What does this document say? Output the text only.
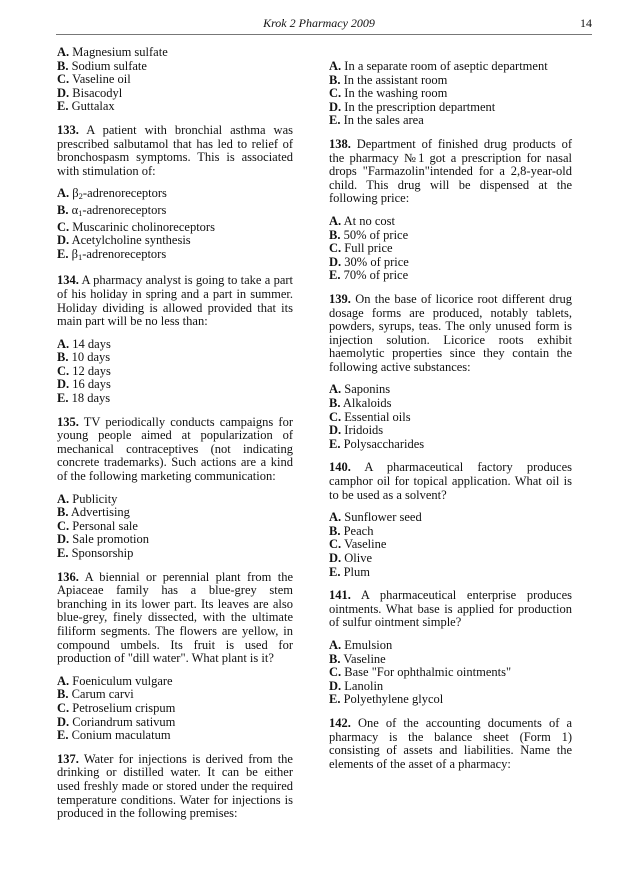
Krok 2 Pharmacy 2009	14
A. Magnesium sulfate
B. Sodium sulfate
C. Vaseline oil
D. Bisacodyl
E. Guttalax
133. A patient with bronchial asthma was prescribed salbutamol that has led to relief of bronchospasm symptoms. This is associated with stimulation of:
A. $\beta_2$-adrenoreceptors
B. $\alpha_1$-adrenoreceptors
C. Muscarinic cholinoreceptors
D. Acetylcholine synthesis
E. $\beta_1$-adrenoreceptors
134. A pharmacy analyst is going to take a part of his holiday in spring and a part in summer. Holiday dividing is allowed provided that its main part will be no less than:
A. 14 days
B. 10 days
C. 12 days
D. 16 days
E. 18 days
135. TV periodically conducts campaigns for young people aimed at popularization of mechanical contraceptives (not indicating concrete trademarks). Such actions are a kind of the following marketing communication:
A. Publicity
B. Advertising
C. Personal sale
D. Sale promotion
E. Sponsorship
136. A biennial or perennial plant from the Apiaceae family has a blue-grey stem branching in its lower part. Its leaves are also blue-grey, finely dissected, with the ultimate filiform segments. The flowers are yellow, in compound umbels. Its fruit is used for production of "dill water". What plant is it?
A. Foeniculum vulgare
B. Carum carvi
C. Petroselium crispum
D. Coriandrum sativum
E. Conium maculatum
137. Water for injections is derived from the drinking or distilled water. It can be either used freshly made or stored under the required temperature conditions. Water for injections is produced in the following premises:
A. In a separate room of aseptic department
B. In the assistant room
C. In the washing room
D. In the prescription department
E. In the sales area
138. Department of finished drug products of the pharmacy №1 got a prescription for nasal drops "Farmazolin"intended for a 2,8-year-old child. This drug will be dispensed at the following price:
A. At no cost
B. 50% of price
C. Full price
D. 30% of price
E. 70% of price
139. On the base of licorice root different drug dosage forms are produced, notably tablets, powders, syrups, teas. The only unused form is injection solution. Licorice roots exhibit haemolytic properties since they contain the following active substances:
A. Saponins
B. Alkaloids
C. Essential oils
D. Iridoids
E. Polysaccharides
140. A pharmaceutical factory produces camphor oil for topical application. What oil is to be used as a solvent?
A. Sunflower seed
B. Peach
C. Vaseline
D. Olive
E. Plum
141. A pharmaceutical enterprise produces ointments. What base is applied for production of sulfur ointment simple?
A. Emulsion
B. Vaseline
C. Base "For ophthalmic ointments"
D. Lanolin
E. Polyethylene glycol
142. One of the accounting documents of a pharmacy is the balance sheet (Form 1) consisting of assets and liabilities. Name the elements of the asset of a pharmacy:
